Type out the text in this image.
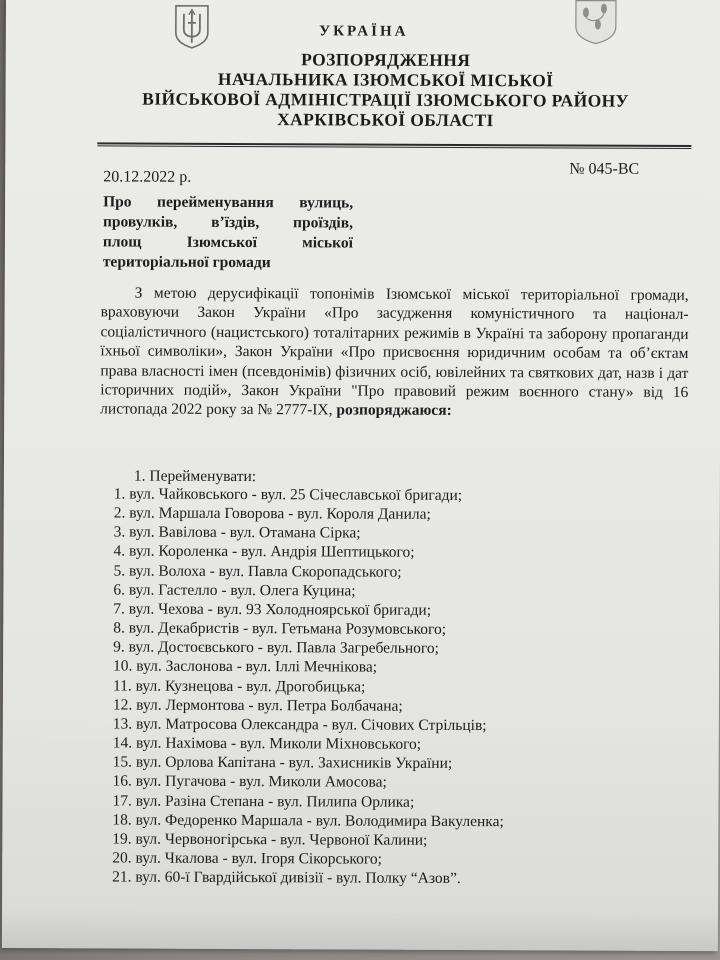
УКРАЇНА
РОЗПОРЯДЖЕННЯ
НАЧАЛЬНИКА ІЗЮМСЬКОЇ МІСЬКОЇ
ВІЙСЬКОВОЇ АДМІНІСТРАЦІЇ ІЗЮМСЬКОГО РАЙОНУ
ХАРКІВСЬКОЇ ОБЛАСТІ
20.12.2022 р.	№ 045-ВС
Про перейменування вулиць,
провулків, в’їздів, проїздів,
площ Ізюмської міської
територіальної громади
З метою дерусифікації топонімів Ізюмської міської територіальної громади, враховуючи Закон України «Про засудження комуністичного та націонал-соціалістичного (нацистського) тоталітарних режимів в Україні та заборону пропаганди їхньої символіки», Закон України «Про присвоєння юридичним особам та об’єктам права власності імен (псевдонімів) фізичних осіб, ювілейних та святкових дат, назв і дат історичних подій», Закон України "Про правовий режим воєнного стану» від 16 листопада 2022 року за № 2777-IX, розпоряджаюся:
1. Перейменувати:
1. вул. Чайковського - вул. 25 Січеславської бригади;
2. вул. Маршала Говорова - вул. Короля Данила;
3. вул. Вавілова - вул. Отамана Сірка;
4. вул. Короленка - вул. Андрія Шептицького;
5. вул. Волоха - вул. Павла Скоропадського;
6. вул. Гастелло - вул. Олега Куцина;
7. вул. Чехова - вул. 93 Холодноярської бригади;
8. вул. Декабристів - вул. Гетьмана Розумовського;
9. вул. Достоєвського - вул. Павла Загребельного;
10. вул. Заслонова - вул. Іллі Мечнікова;
11. вул. Кузнецова - вул. Дрогобицька;
12. вул. Лермонтова - вул. Петра Болбачана;
13. вул. Матросова Олександра - вул. Січових Стрільців;
14. вул. Нахімова - вул. Миколи Міхновського;
15. вул. Орлова Капітана - вул. Захисників України;
16. вул. Пугачова - вул. Миколи Амосова;
17. вул. Разіна Степана - вул. Пилипа Орлика;
18. вул. Федоренко Маршала - вул. Володимира Вакуленка;
19. вул. Червоногірська - вул. Червоної Калини;
20. вул. Чкалова - вул. Ігоря Сікорського;
21. вул. 60-ї Гвардійської дивізії - вул. Полку “Азов”.
